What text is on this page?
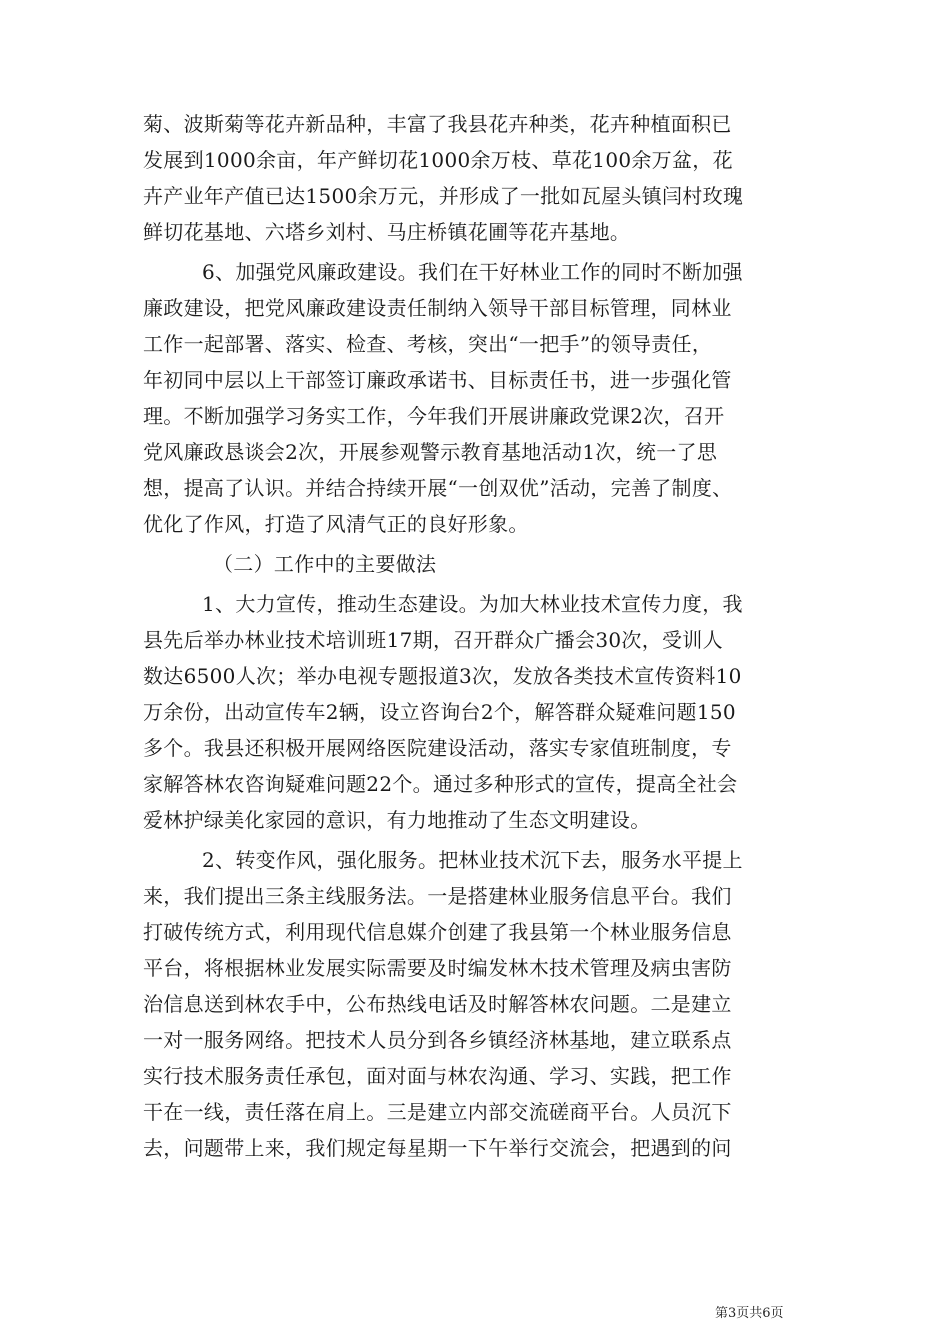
菊、波斯菊等花卉新品种，丰富了我县花卉种类，花卉种植面积已
发展到1000余亩，年产鲜切花1000余万枝、草花100余万盆，花
卉产业年产值已达1500余万元，并形成了一批如瓦屋头镇闫村玫瑰
鲜切花基地、六塔乡刘村、马庄桥镇花圃等花卉基地。
6、加强党风廉政建设。我们在干好林业工作的同时不断加强
廉政建设，把党风廉政建设责任制纳入领导干部目标管理，同林业
工作一起部署、落实、检查、考核，突出“一把手”的领导责任，
年初同中层以上干部签订廉政承诺书、目标责任书，进一步强化管
理。不断加强学习务实工作，今年我们开展讲廉政党课2次，召开
党风廉政恳谈会2次，开展参观警示教育基地活动1次，统一了思
想，提高了认识。并结合持续开展“一创双优”活动，完善了制度、
优化了作风，打造了风清气正的良好形象。
（二）工作中的主要做法
1、大力宣传，推动生态建设。为加大林业技术宣传力度，我
县先后举办林业技术培训班17期，召开群众广播会30次，受训人
数达6500人次；举办电视专题报道3次，发放各类技术宣传资料10
万余份，出动宣传车2辆，设立咨询台2个，解答群众疑难问题150
多个。我县还积极开展网络医院建设活动，落实专家值班制度，专
家解答林农咨询疑难问题22个。通过多种形式的宣传，提高全社会
爱林护绿美化家园的意识，有力地推动了生态文明建设。
2、转变作风，强化服务。把林业技术沉下去，服务水平提上
来，我们提出三条主线服务法。一是搭建林业服务信息平台。我们
打破传统方式，利用现代信息媒介创建了我县第一个林业服务信息
平台，将根据林业发展实际需要及时编发林木技术管理及病虫害防
治信息送到林农手中，公布热线电话及时解答林农问题。二是建立
一对一服务网络。把技术人员分到各乡镇经济林基地，建立联系点
实行技术服务责任承包，面对面与林农沟通、学习、实践，把工作
干在一线，责任落在肩上。三是建立内部交流磋商平台。人员沉下
去，问题带上来，我们规定每星期一下午举行交流会，把遇到的问
第3页共6页
